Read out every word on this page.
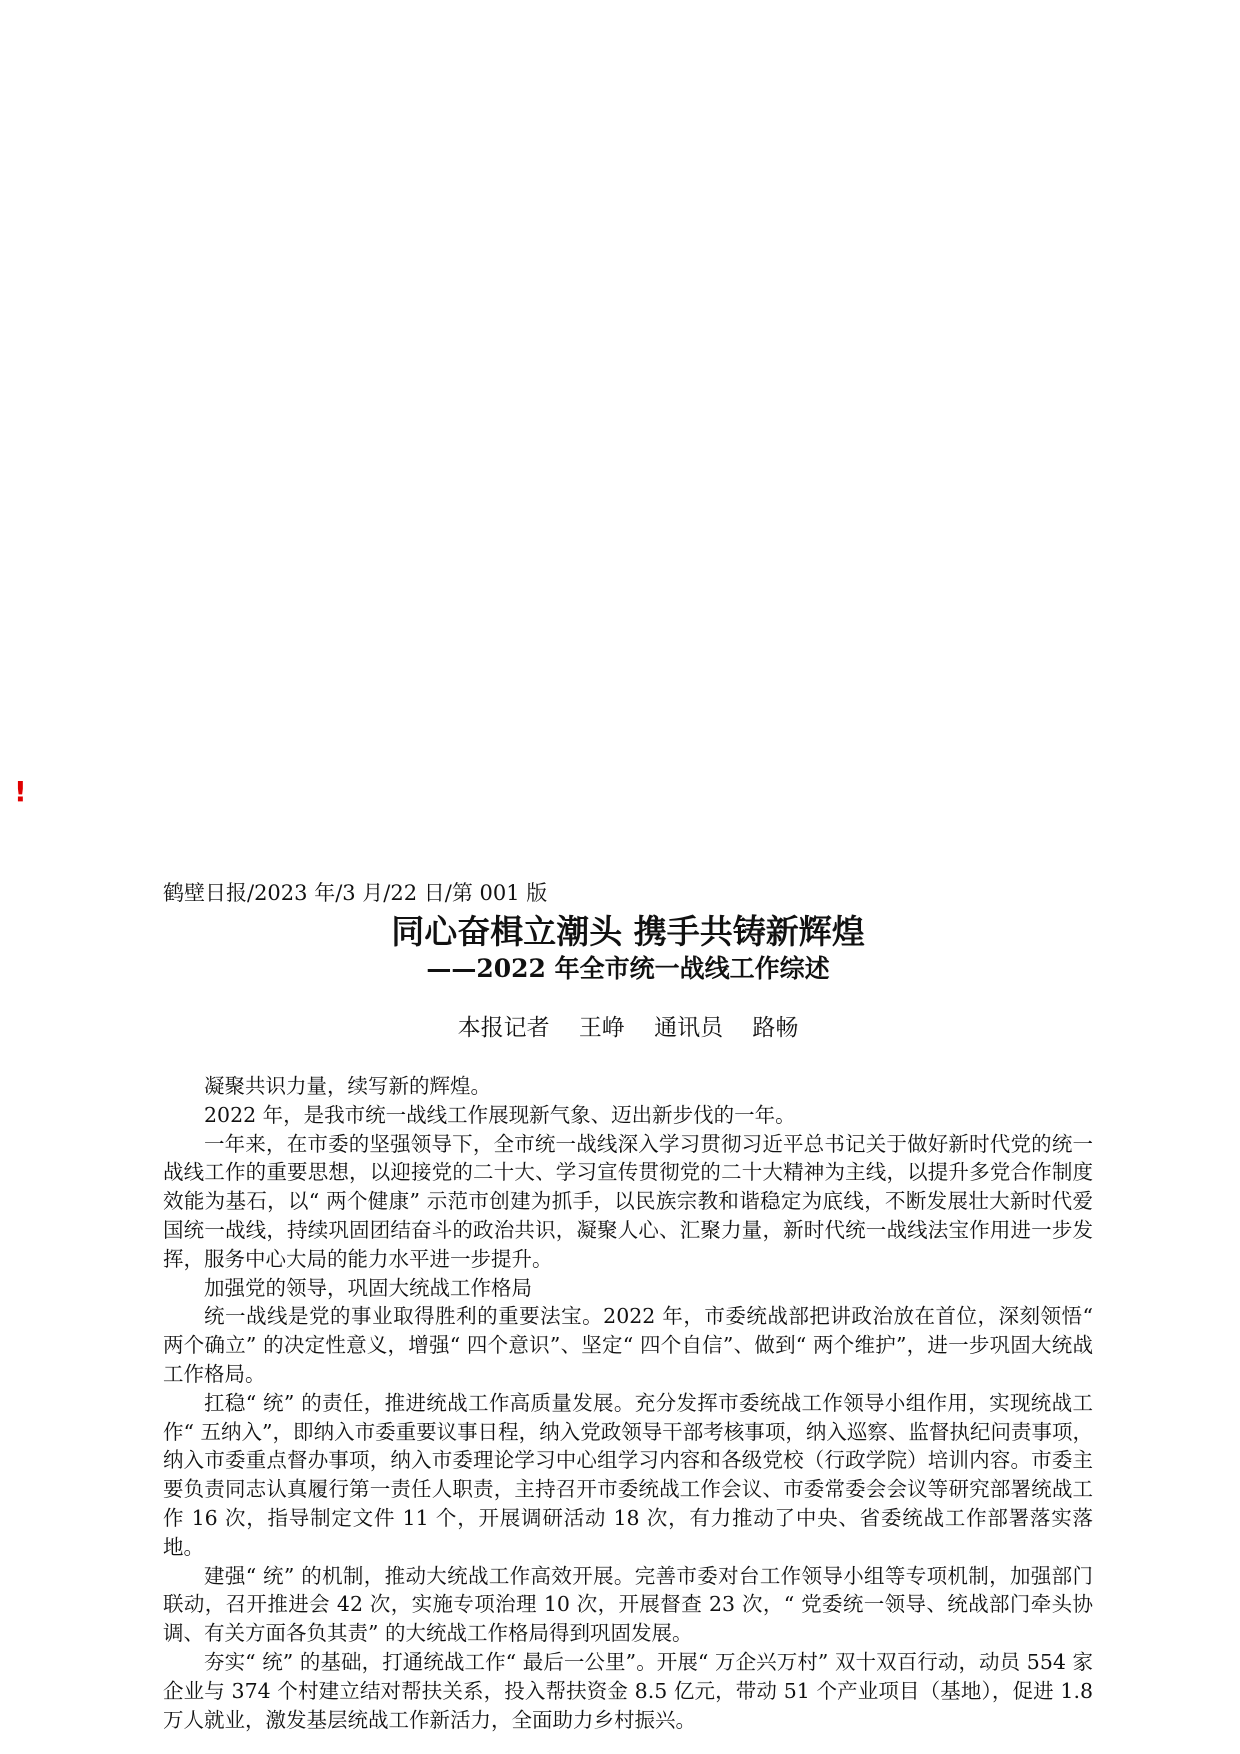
!

鹤壁日报/2023 年/3 月/22 日/第 001 版

同心奋楫立潮头 携手共铸新辉煌
——2022 年全市统一战线工作综述
本报记者    王峥    通讯员    路畅

凝聚共识力量，续写新的辉煌。

2022 年，是我市统一战线工作展现新气象、迈出新步伐的一年。

一年来，在市委的坚强领导下，全市统一战线深入学习贯彻习近平总书记关于做好新时代党的统一战线工作的重要思想，以迎接党的二十大、学习宣传贯彻党的二十大精神为主线，以提升多党合作制度效能为基石，以“ 两个健康” 示范市创建为抓手，以民族宗教和谐稳定为底线，不断发展壮大新时代爱国统一战线，持续巩固团结奋斗的政治共识，凝聚人心、汇聚力量，新时代统一战线法宝作用进一步发挥，服务中心大局的能力水平进一步提升。

加强党的领导，巩固大统战工作格局

统一战线是党的事业取得胜利的重要法宝。2022 年，市委统战部把讲政治放在首位，深刻领悟“ 两个确立” 的决定性意义，增强“ 四个意识”、坚定“ 四个自信”、做到“ 两个维护”，进一步巩固大统战工作格局。

扛稳“ 统” 的责任，推进统战工作高质量发展。充分发挥市委统战工作领导小组作用，实现统战工作“ 五纳入”，即纳入市委重要议事日程，纳入党政领导干部考核事项，纳入巡察、监督执纪问责事项，纳入市委重点督办事项，纳入市委理论学习中心组学习内容和各级党校（行政学院）培训内容。市委主要负责同志认真履行第一责任人职责，主持召开市委统战工作会议、市委常委会会议等研究部署统战工作 16 次，指导制定文件 11 个，开展调研活动 18 次，有力推动了中央、省委统战工作部署落实落地。

建强“ 统” 的机制，推动大统战工作高效开展。完善市委对台工作领导小组等专项机制，加强部门联动，召开推进会 42 次，实施专项治理 10 次，开展督查 23 次，“ 党委统一领导、统战部门牵头协调、有关方面各负其责” 的大统战工作格局得到巩固发展。

夯实“ 统” 的基础，打通统战工作“ 最后一公里”。开展“ 万企兴万村” 双十双百行动，动员 554 家企业与 374 个村建立结对帮扶关系，投入帮扶资金 8.5 亿元，带动 51 个产业项目（基地），促进 1.8 万人就业，激发基层统战工作新活力，全面助力乡村振兴。
